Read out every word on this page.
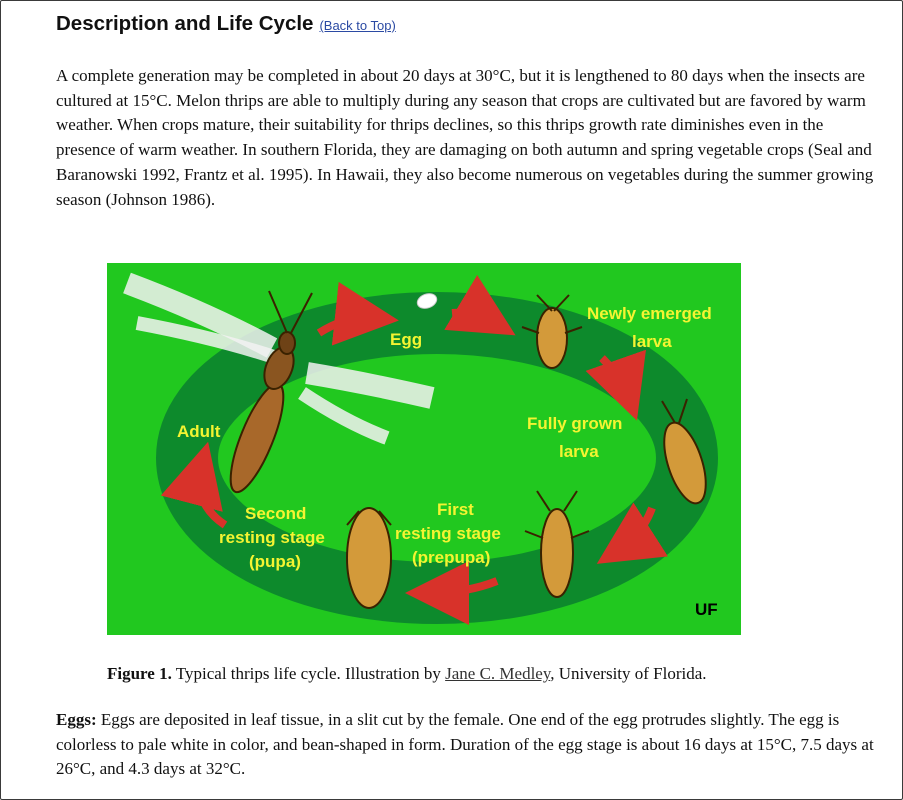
Description and Life Cycle (Back to Top)

A complete generation may be completed in about 20 days at 30°C, but it is lengthened to 80 days when the insects are cultured at 15°C. Melon thrips are able to multiply during any season that crops are cultivated but are favored by warm weather. When crops mature, their suitability for thrips declines, so this thrips growth rate diminishes even in the presence of warm weather. In southern Florida, they are damaging on both autumn and spring vegetable crops (Seal and Baranowski 1992, Frantz et al. 1995). In Hawaii, they also become numerous on vegetables during the summer growing season (Johnson 1986).

Egg
Newly emerged
larva
Fully grown
larva
First
resting stage
(prepupa)
Second
resting stage
(pupa)
Adult
UF

Figure 1. Typical thrips life cycle. Illustration by Jane C. Medley, University of Florida.

Eggs: Eggs are deposited in leaf tissue, in a slit cut by the female. One end of the egg protrudes slightly. The egg is colorless to pale white in color, and bean-shaped in form. Duration of the egg stage is about 16 days at 15°C, 7.5 days at 26°C, and 4.3 days at 32°C.
